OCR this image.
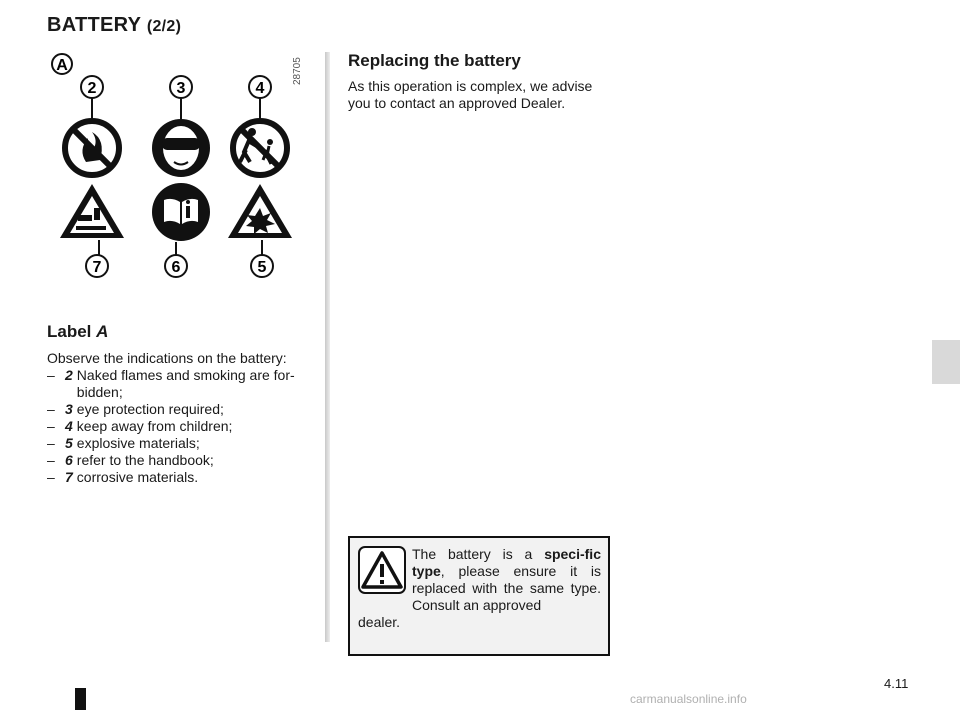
BATTERY (2/2)
A
2	3	4
7	6	5
28705
Label A
Observe the indications on the battery:
– 2 Naked flames and smoking are for-bidden;
– 3 eye protection required;
– 4 keep away from children;
– 5 explosive materials;
– 6 refer to the handbook;
– 7 corrosive materials.
Replacing the battery
As this operation is complex, we advise you to contact an approved Dealer.
The battery is a speci-fic type, please ensure it is replaced with the same type. Consult an approved
dealer.
4.11
carmanualsonline.info
